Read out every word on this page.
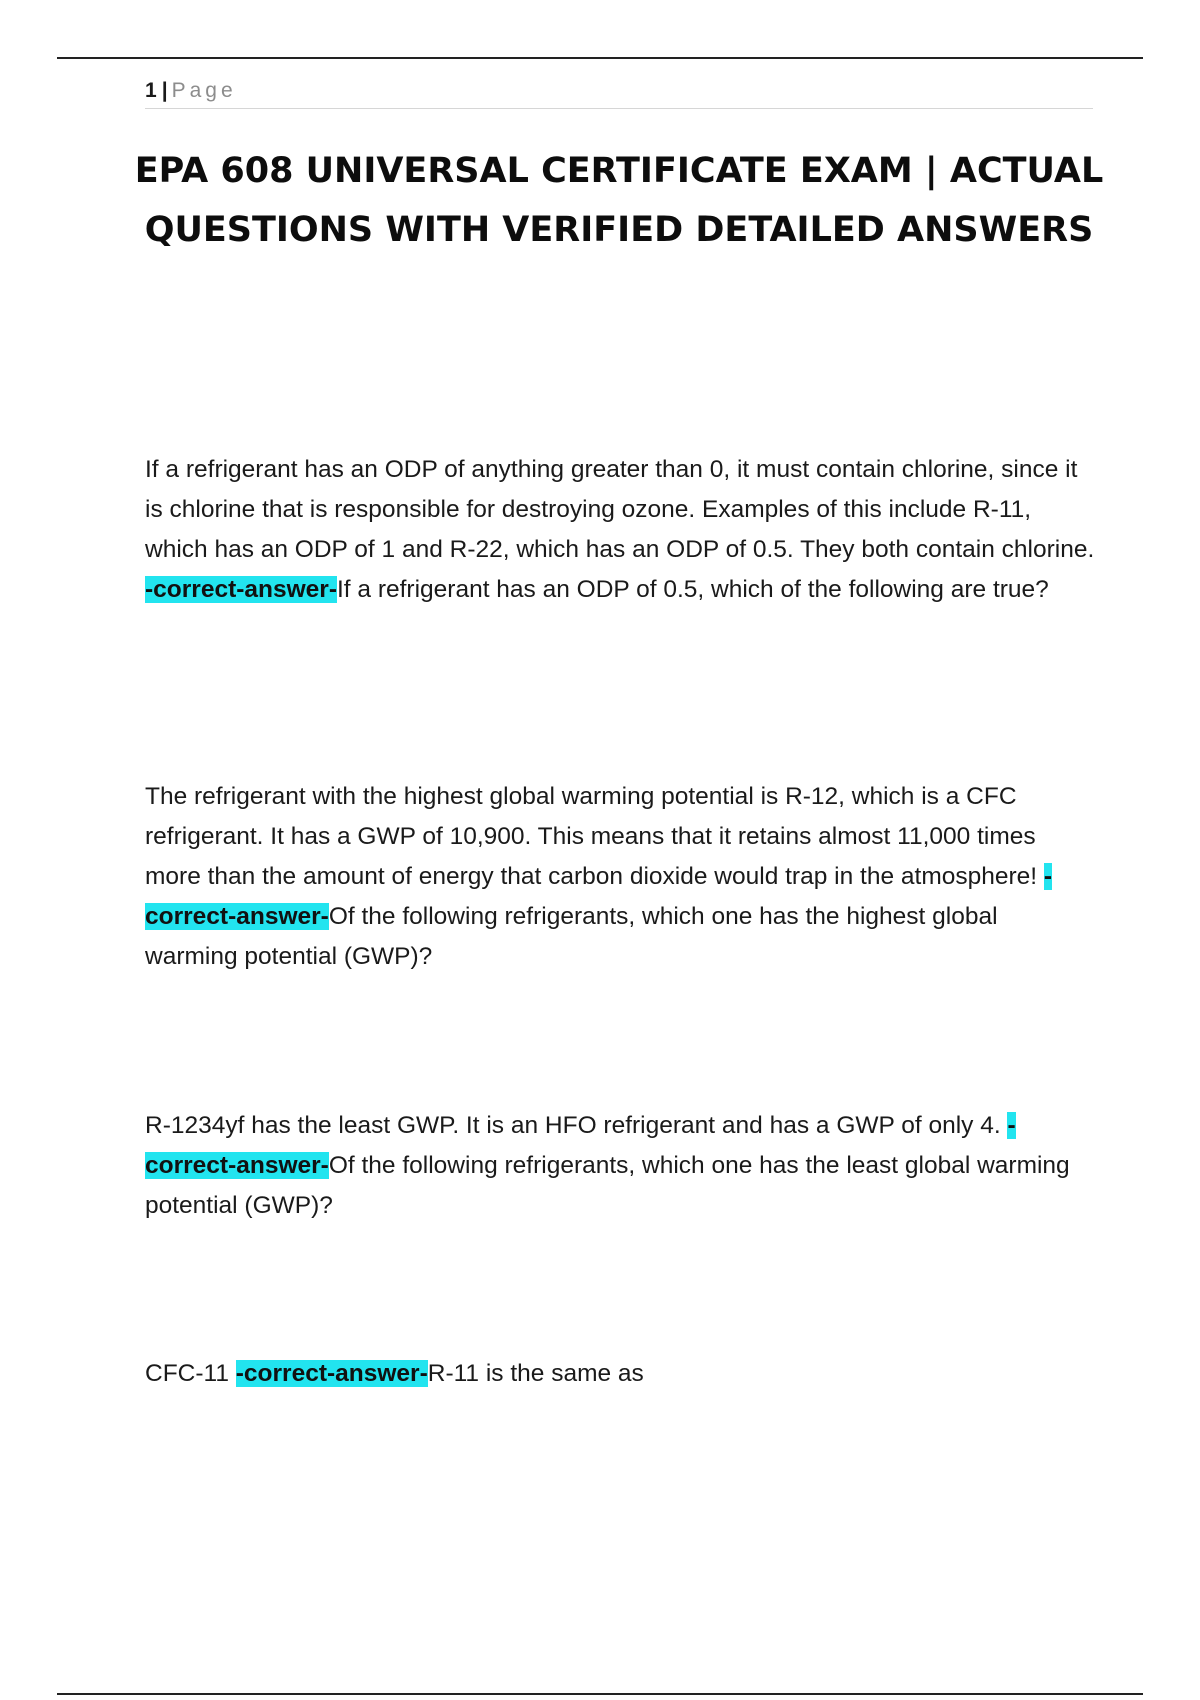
1 | Page
EPA 608 UNIVERSAL CERTIFICATE EXAM | ACTUAL QUESTIONS WITH VERIFIED DETAILED ANSWERS

If a refrigerant has an ODP of anything greater than 0, it must contain chlorine, since it is chlorine that is responsible for destroying ozone. Examples of this include R-11, which has an ODP of 1 and R-22, which has an ODP of 0.5. They both contain chlorine. -correct-answer-If a refrigerant has an ODP of 0.5, which of the following are true?

The refrigerant with the highest global warming potential is R-12, which is a CFC refrigerant. It has a GWP of 10,900. This means that it retains almost 11,000 times more than the amount of energy that carbon dioxide would trap in the atmosphere! -correct-answer-Of the following refrigerants, which one has the highest global warming potential (GWP)?

R-1234yf has the least GWP. It is an HFO refrigerant and has a GWP of only 4. -correct-answer-Of the following refrigerants, which one has the least global warming potential (GWP)?

CFC-11 -correct-answer-R-11 is the same as
